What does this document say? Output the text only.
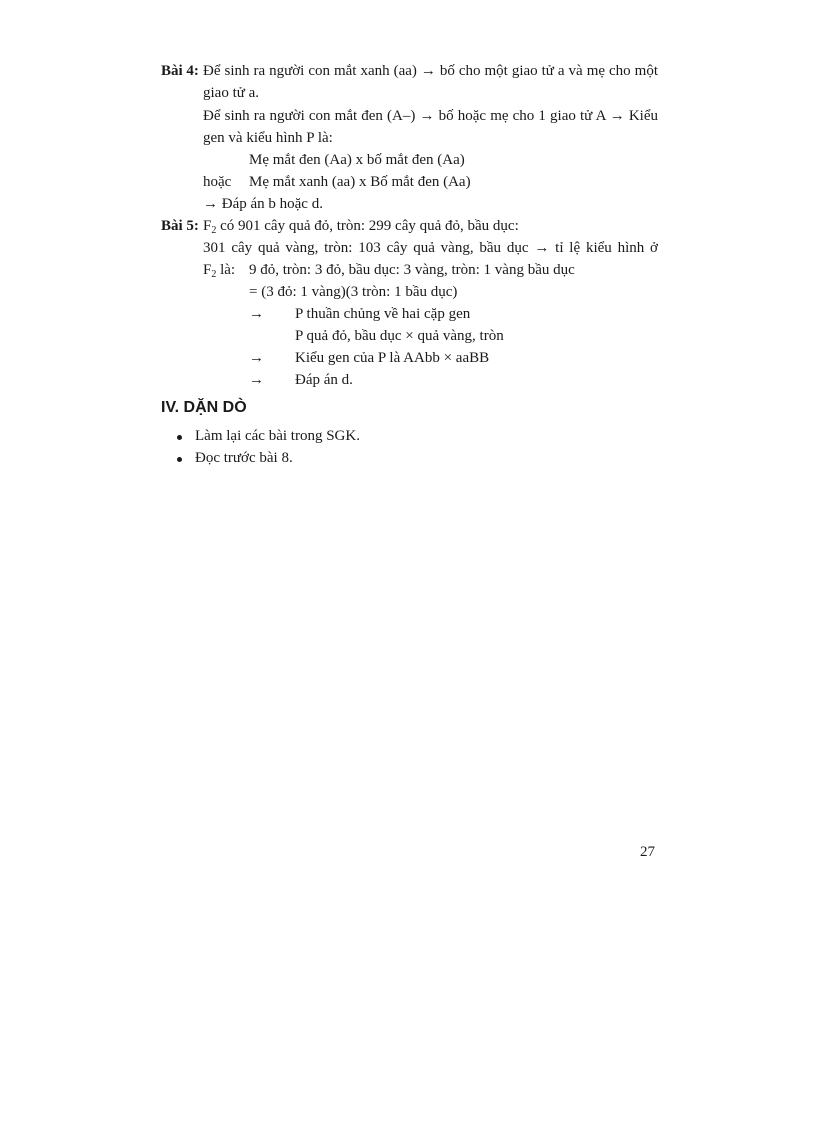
Bài 4: Để sinh ra người con mắt xanh (aa) → bố cho một giao tử a và mẹ cho một
giao tử a.
Để sinh ra người con mắt đen (A–) → bố hoặc mẹ cho 1 giao tử A → Kiểu
gen và kiểu hình P là:
Mẹ mắt đen (Aa) x bố mắt đen (Aa)
hoặc Mẹ mắt xanh (aa) x Bố mắt đen (Aa)
→ Đáp án b hoặc d.
Bài 5: $F_2$ có 901 cây quả đỏ, tròn: 299 cây quả đỏ, bầu dục:
301 cây quả vàng, tròn: 103 cây quả vàng, bầu dục → tỉ lệ kiểu hình ở
$F_2$ là: 9 đỏ, tròn: 3 đỏ, bầu dục: 3 vàng, tròn: 1 vàng bầu dục
= (3 đỏ: 1 vàng)(3 tròn: 1 bầu dục)
→ P thuần chủng về hai cặp gen
P quả đỏ, bầu dục × quả vàng, tròn
→ Kiểu gen của P là AAbb × aaBB
→ Đáp án d.
IV. DẶN DÒ
Làm lại các bài trong SGK.
Đọc trước bài 8.
27
